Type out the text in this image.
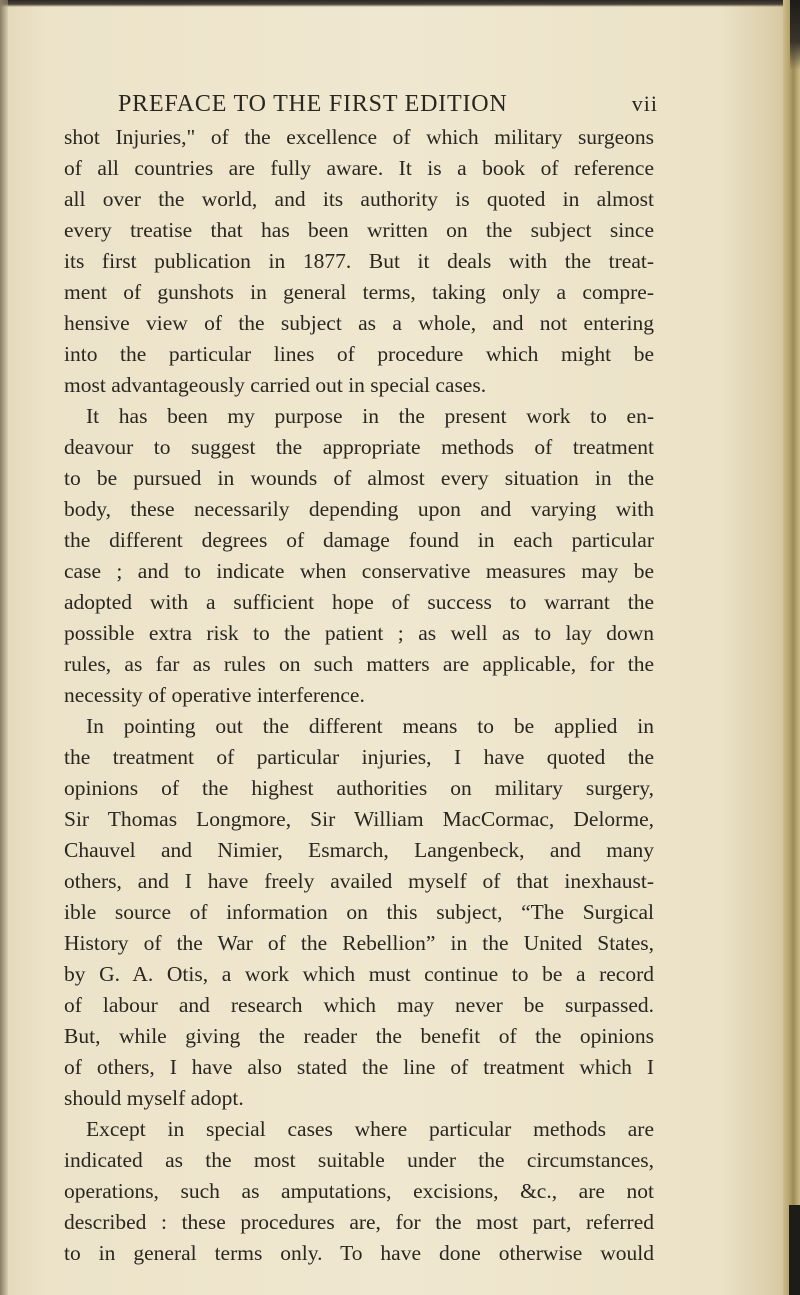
PREFACE TO THE FIRST EDITION	vii
shot Injuries," of the excellence of which military surgeons
of all countries are fully aware. It is a book of reference
all over the world, and its authority is quoted in almost
every treatise that has been written on the subject since
its first publication in 1877. But it deals with the treat-
ment of gunshots in general terms, taking only a compre-
hensive view of the subject as a whole, and not entering
into the particular lines of procedure which might be
most advantageously carried out in special cases.
It has been my purpose in the present work to en-
deavour to suggest the appropriate methods of treatment
to be pursued in wounds of almost every situation in the
body, these necessarily depending upon and varying with
the different degrees of damage found in each particular
case ; and to indicate when conservative measures may be
adopted with a sufficient hope of success to warrant the
possible extra risk to the patient ; as well as to lay down
rules, as far as rules on such matters are applicable, for the
necessity of operative interference.
In pointing out the different means to be applied in
the treatment of particular injuries, I have quoted the
opinions of the highest authorities on military surgery,
Sir Thomas Longmore, Sir William MacCormac, Delorme,
Chauvel and Nimier, Esmarch, Langenbeck, and many
others, and I have freely availed myself of that inexhaust-
ible source of information on this subject, “The Surgical
History of the War of the Rebellion” in the United States,
by G. A. Otis, a work which must continue to be a record
of labour and research which may never be surpassed.
But, while giving the reader the benefit of the opinions
of others, I have also stated the line of treatment which I
should myself adopt.
Except in special cases where particular methods are
indicated as the most suitable under the circumstances,
operations, such as amputations, excisions, &c., are not
described : these procedures are, for the most part, referred
to in general terms only. To have done otherwise would
